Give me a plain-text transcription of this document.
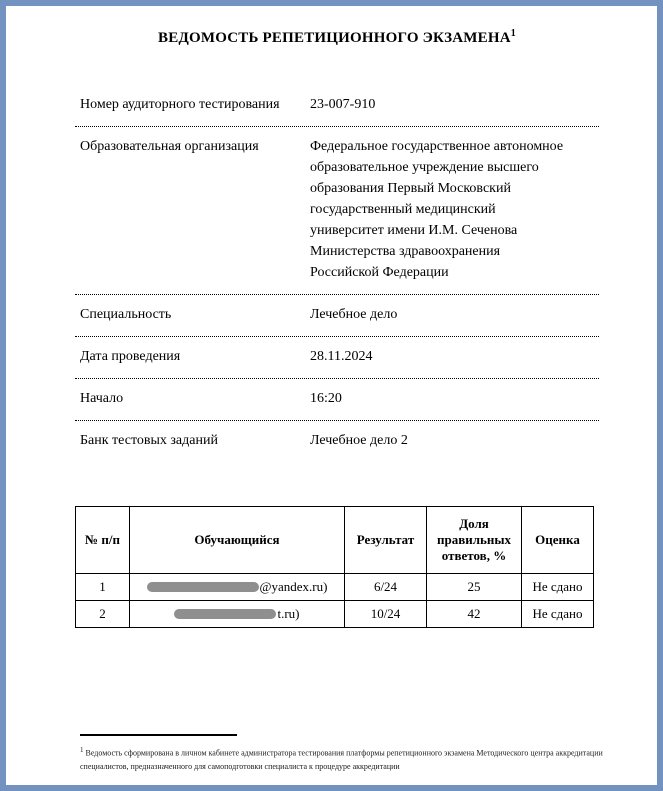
ВЕДОМОСТЬ РЕПЕТИЦИОННОГО ЭКЗАМЕНА$^1$
Номер аудиторного тестирования	23-007-910
Образовательная организация	Федеральное государственное автономное образовательное учреждение высшего образования Первый Московский государственный медицинский университет имени И.М. Сеченова Министерства здравоохранения Российской Федерации
Специальность	Лечебное дело
Дата проведения	28.11.2024
Начало	16:20
Банк тестовых заданий	Лечебное дело 2
№ п/п	Обучающийся	Результат	Доля правильных ответов, %	Оценка
1	@yandex.ru)	6/24	25	Не сдано
2	t.ru)	10/24	42	Не сдано
$^1$ Ведомость сформирована в личном кабинете администратора тестирования платформы репетиционного экзамена Методического центра аккредитации специалистов, предназначенного для самоподготовки специалиста к процедуре аккредитации
